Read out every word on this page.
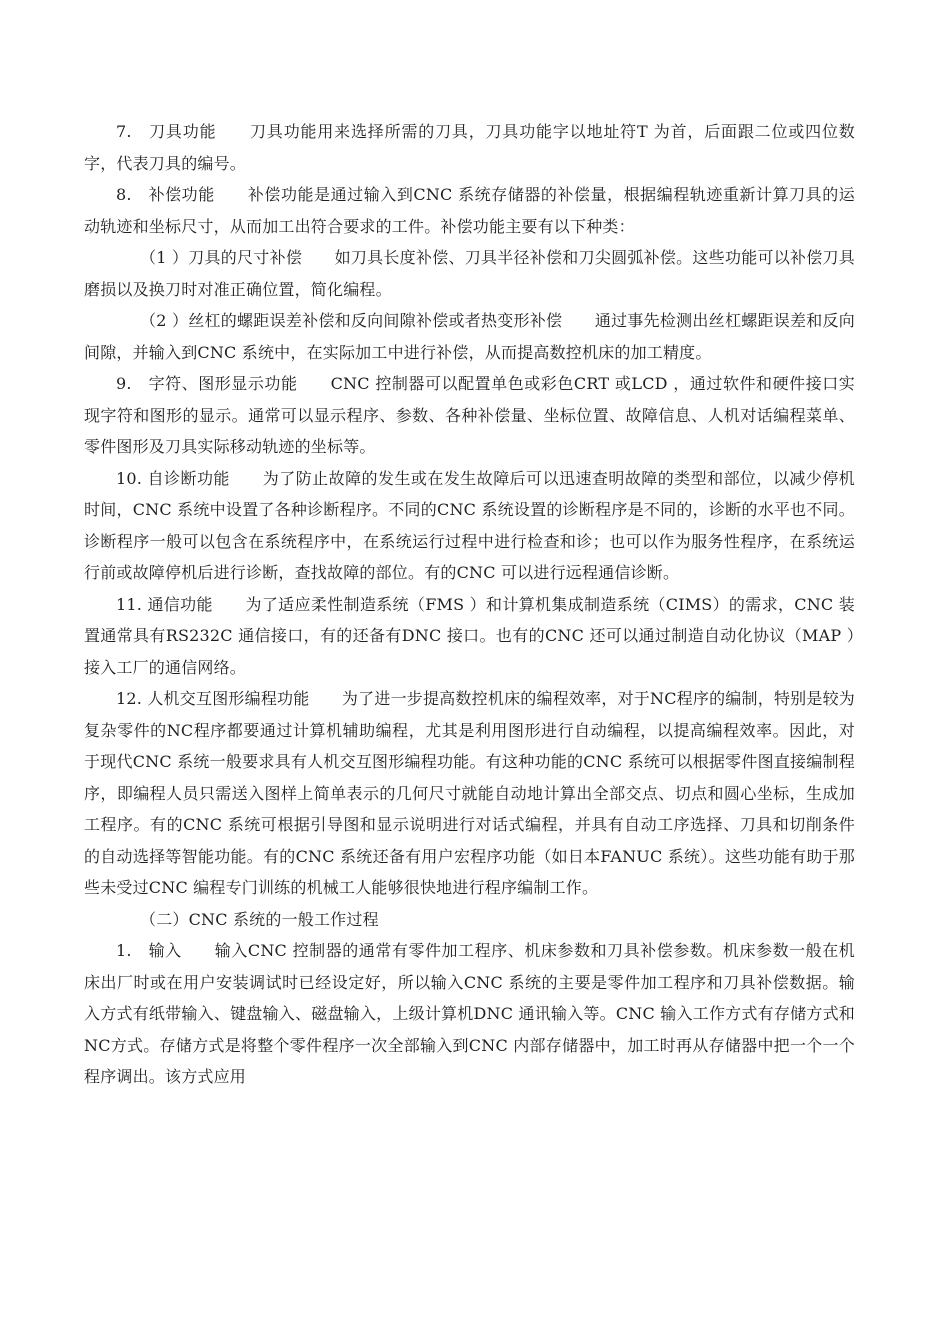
7.　刀具功能　　刀具功能用来选择所需的刀具，刀具功能字以地址符T 为首，后面跟二位或四位数字，代表刀具的编号。

8.　补偿功能　　补偿功能是通过输入到CNC 系统存储器的补偿量，根据编程轨迹重新计算刀具的运动轨迹和坐标尺寸，从而加工出符合要求的工件。补偿功能主要有以下种类：

（1 ）刀具的尺寸补偿　　如刀具长度补偿、刀具半径补偿和刀尖圆弧补偿。这些功能可以补偿刀具磨损以及换刀时对准正确位置，简化编程。

（2 ）丝杠的螺距误差补偿和反向间隙补偿或者热变形补偿　　通过事先检测出丝杠螺距误差和反向间隙，并输入到CNC 系统中，在实际加工中进行补偿，从而提高数控机床的加工精度。

9.　字符、图形显示功能　　CNC 控制器可以配置单色或彩色CRT 或LCD ，通过软件和硬件接口实现字符和图形的显示。通常可以显示程序、参数、各种补偿量、坐标位置、故障信息、人机对话编程菜单、零件图形及刀具实际移动轨迹的坐标等。

10. 自诊断功能　　为了防止故障的发生或在发生故障后可以迅速查明故障的类型和部位，以减少停机时间，CNC 系统中设置了各种诊断程序。不同的CNC 系统设置的诊断程序是不同的，诊断的水平也不同。诊断程序一般可以包含在系统程序中，在系统运行过程中进行检查和诊；也可以作为服务性程序，在系统运行前或故障停机后进行诊断，查找故障的部位。有的CNC 可以进行远程通信诊断。

11. 通信功能　　为了适应柔性制造系统（FMS ）和计算机集成制造系统（CIMS）的需求，CNC 装置通常具有RS232C 通信接口，有的还备有DNC 接口。也有的CNC 还可以通过制造自动化协议（MAP ）接入工厂的通信网络。

12. 人机交互图形编程功能　　为了进一步提高数控机床的编程效率，对于NC程序的编制，特别是较为复杂零件的NC程序都要通过计算机辅助编程，尤其是利用图形进行自动编程，以提高编程效率。因此，对于现代CNC 系统一般要求具有人机交互图形编程功能。有这种功能的CNC 系统可以根据零件图直接编制程序，即编程人员只需送入图样上简单表示的几何尺寸就能自动地计算出全部交点、切点和圆心坐标，生成加工程序。有的CNC 系统可根据引导图和显示说明进行对话式编程，并具有自动工序选择、刀具和切削条件的自动选择等智能功能。有的CNC 系统还备有用户宏程序功能（如日本FANUC 系统）。这些功能有助于那些未受过CNC 编程专门训练的机械工人能够很快地进行程序编制工作。

（二）CNC 系统的一般工作过程

1.　输入　　输入CNC 控制器的通常有零件加工程序、机床参数和刀具补偿参数。机床参数一般在机床出厂时或在用户安装调试时已经设定好，所以输入CNC 系统的主要是零件加工程序和刀具补偿数据。输入方式有纸带输入、键盘输入、磁盘输入，上级计算机DNC 通讯输入等。CNC 输入工作方式有存储方式和NC方式。存储方式是将整个零件程序一次全部输入到CNC 内部存储器中，加工时再从存储器中把一个一个程序调出。该方式应用
